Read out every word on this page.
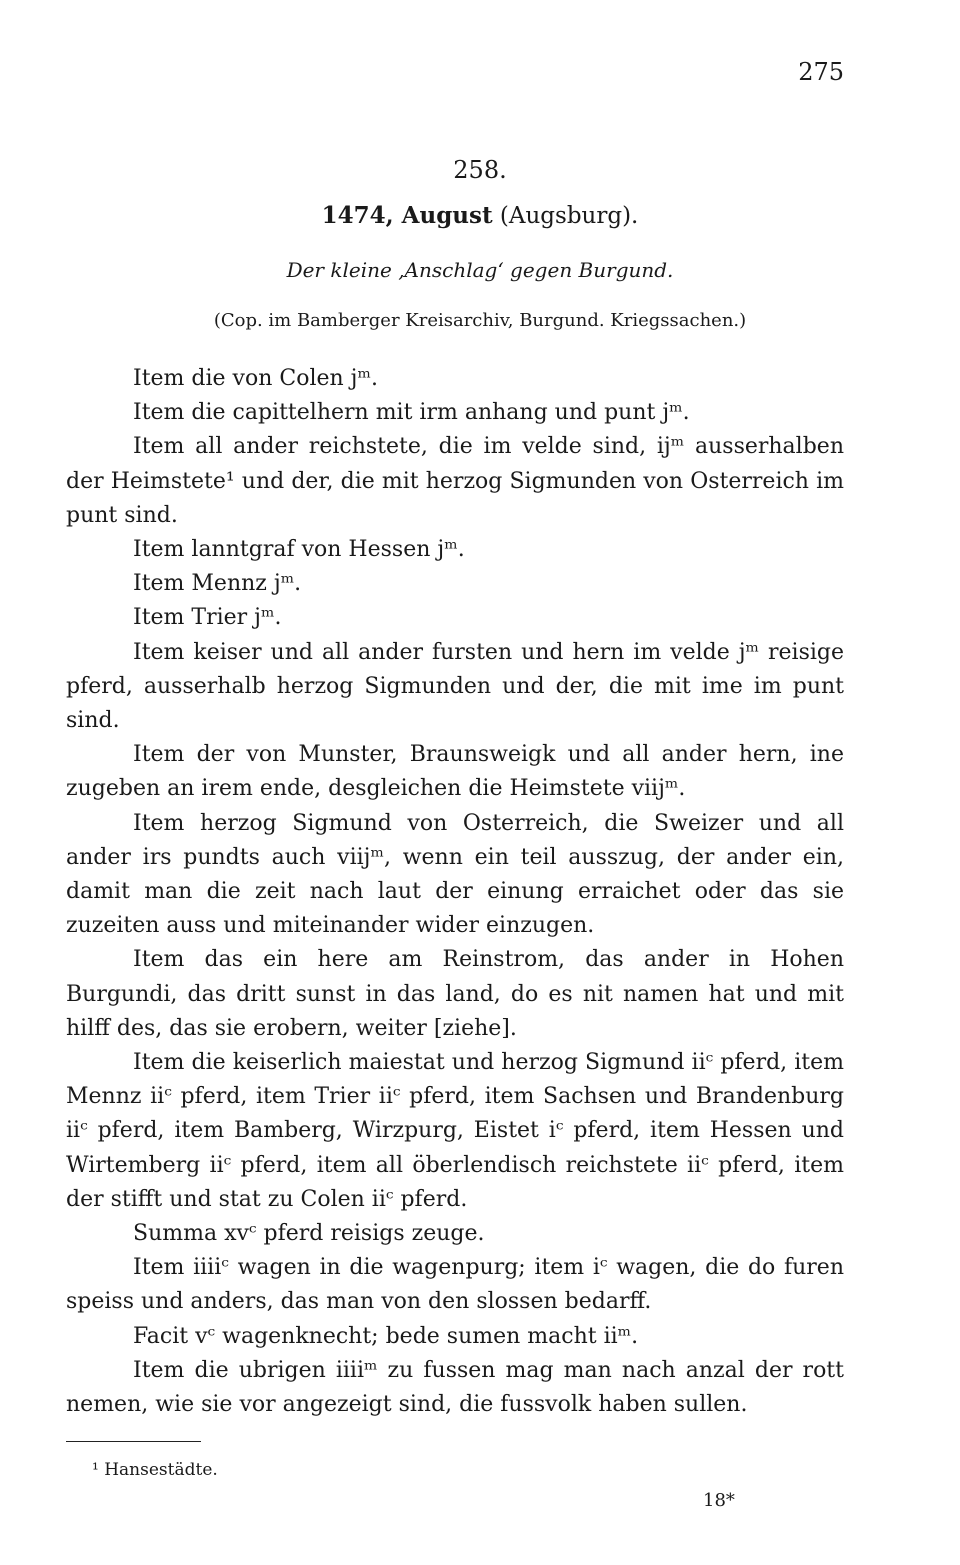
275
258.
1474, August (Augsburg).
Der kleine ‚Anschlag‘ gegen Burgund.
(Cop. im Bamberger Kreisarchiv, Burgund. Kriegssachen.)

Item die von Colen jᵐ.

Item die capittelhern mit irm anhang und punt jᵐ.

Item all ander reichstete, die im velde sind, ijᵐ ausserhalben der Heimstete¹ und der, die mit herzog Sigmunden von Osterreich im punt sind.

Item lanntgraf von Hessen jᵐ.

Item Mennz jᵐ.

Item Trier jᵐ.

Item keiser und all ander fursten und hern im velde jᵐ reisige pferd, ausserhalb herzog Sigmunden und der, die mit ime im punt sind.

Item der von Munster, Braunsweigk und all ander hern, ine zugeben an irem ende, desgleichen die Heimstete viijᵐ.

Item herzog Sigmund von Osterreich, die Sweizer und all ander irs pundts auch viijᵐ, wenn ein teil ausszug, der ander ein, damit man die zeit nach laut der einung erraichet oder das sie zuzeiten auss und miteinander wider einzugen.

Item das ein here am Reinstrom, das ander in Hohen Burgundi, das dritt sunst in das land, do es nit namen hat und mit hilff des, das sie erobern, weiter [ziehe].

Item die keiserlich maiestat und herzog Sigmund iiᶜ pferd, item Mennz iiᶜ pferd, item Trier iiᶜ pferd, item Sachsen und Brandenburg iiᶜ pferd, item Bamberg, Wirzpurg, Eistet iᶜ pferd, item Hessen und Wirtemberg iiᶜ pferd, item all öberlendisch reichstete iiᶜ pferd, item der stifft und stat zu Colen iiᶜ pferd.

Summa xvᶜ pferd reisigs zeuge.

Item iiiiᶜ wagen in die wagenpurg; item iᶜ wagen, die do furen speiss und anders, das man von den slossen bedarff.

Facit vᶜ wagenknecht; bede sumen macht iiᵐ.

Item die ubrigen iiiiᵐ zu fussen mag man nach anzal der rott nemen, wie sie vor angezeigt sind, die fussvolk haben sullen.

¹ Hansestädte.
18*
